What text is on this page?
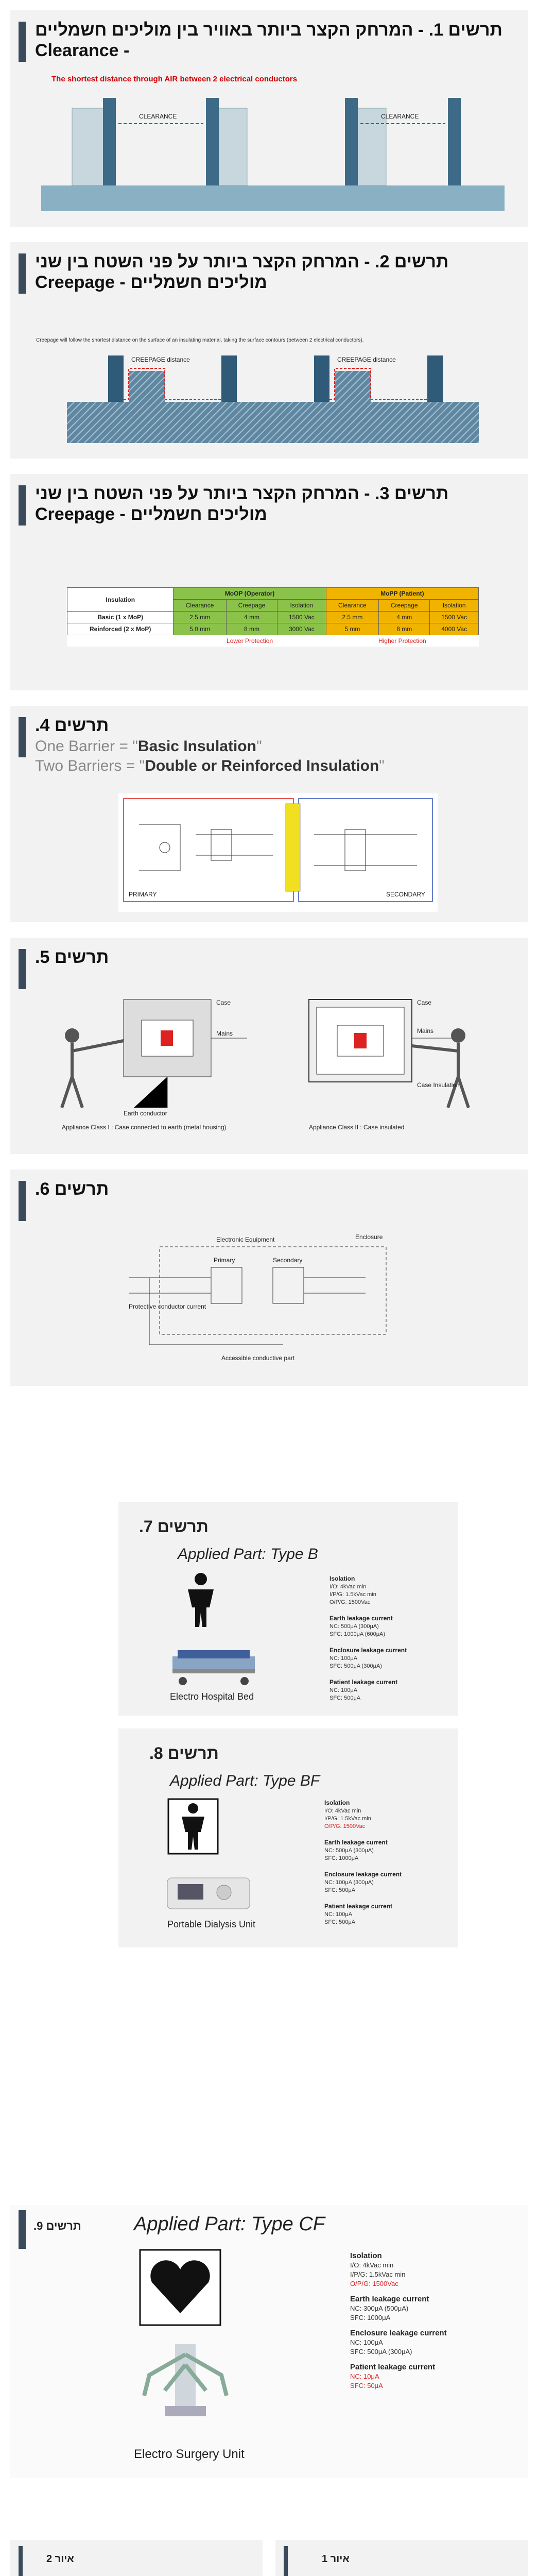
תרשים 1. - המרחק הקצר ביותר באוויר בין מוליכים חשמליים - Clearance
The shortest distance through AIR between 2 electrical conductors
CLEARANCE	CLEARANCE
תרשים 2. - המרחק הקצר ביותר על פני השטח בין שני מוליכים חשמליים - Creepage
Creepage will follow the shortest distance on the surface of an insulating material, taking the surface contours (between 2 electrical conductors).
CREEPAGE distance	CREEPAGE distance
תרשים 3. - המרחק הקצר ביותר על פני השטח בין שני מוליכים חשמליים - Creepage
Insulation	MoOP (Operator)			MoPP (Patient)		
	Clearance	Creepage	Isolation	Clearance	Creepage	Isolation
Basic (1 x MoP)	2.5 mm	4 mm	1500 Vac	2.5 mm	4 mm	1500 Vac
Reinforced (2 x MoP)	5.0 mm	8 mm	3000 Vac	5 mm	8 mm	4000 Vac
	Lower Protection			Higher Protection		
תרשים 4.
One Barrier = "Basic Insulation"
Two Barriers = "Double or Reinforced Insulation"
PRIMARY	SECONDARY
תרשים 5.
Case
Mains
Earth conductor
Appliance Class I : Case connected to earth (metal housing)
Case
Mains
Case Insulation
Appliance Class II : Case insulated
תרשים 6.
Electronic Equipment	Enclosure
Primary	Secondary
Protective conductor current
Accessible conductive part
תרשים 7.
Applied Part: Type B
Electro Hospital Bed
Isolation
I/O: 4kVac min
I/P/G: 1.5kVac min
O/P/G: 1500Vac
Earth leakage current
NC: 500μA (300μA)
SFC: 1000μA (600μA)
Enclosure leakage current
NC: 100μA
SFC: 500μA (300μA)
Patient leakage current
NC: 100μA
SFC: 500μA
תרשים 8.
Applied Part: Type BF
Portable Dialysis Unit
Isolation
I/O: 4kVac min
I/P/G: 1.5kVac min
O/P/G: 1500Vac
Earth leakage current
NC: 500μA (300μA)
SFC: 1000μA
Enclosure leakage current
NC: 100μA (300μA)
SFC: 500μA
Patient leakage current
NC: 100μA
SFC: 500μA
תרשים 9.	Applied Part: Type CF
Electro Surgery Unit
Isolation
I/O: 4kVac min
I/P/G: 1.5kVac min
O/P/G: 1500Vac
Earth leakage current
NC: 300μA (500μA)
SFC: 1000μA
Enclosure leakage current
NC: 100μA
SFC: 500μA (300μA)
Patient leakage current
NC: 10μA
SFC: 50μA
איור 2	איור 1
